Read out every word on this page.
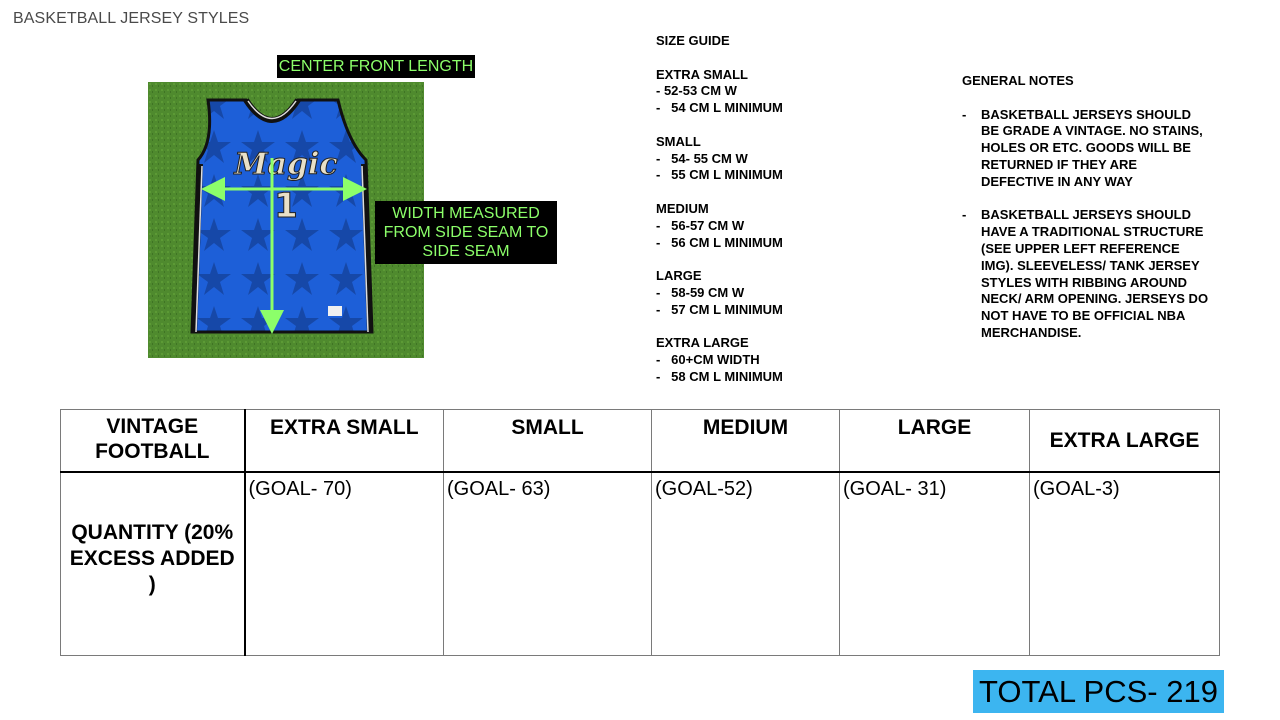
BASKETBALL JERSEY STYLES
Magic
1
CENTER FRONT LENGTH
WIDTH MEASURED FROM SIDE SEAM TO SIDE SEAM
SIZE GUIDE
EXTRA SMALL
- 52-53 CM W
-   54 CM L MINIMUM
SMALL
-   54- 55 CM W
-   55 CM L MINIMUM
MEDIUM
-   56-57 CM W
-   56 CM L MINIMUM
LARGE
-   58-59 CM W
-   57 CM L MINIMUM
EXTRA LARGE
-   60+CM WIDTH
-   58 CM L MINIMUM
GENERAL NOTES
- BASKETBALL JERSEYS SHOULD BE GRADE A VINTAGE. NO STAINS, HOLES OR ETC. GOODS WILL BE RETURNED IF THEY ARE DEFECTIVE IN ANY WAY
- BASKETBALL JERSEYS SHOULD HAVE A TRADITIONAL STRUCTURE (SEE UPPER LEFT REFERENCE IMG). SLEEVELESS/ TANK JERSEY STYLES WITH RIBBING AROUND NECK/ ARM OPENING. JERSEYS DO NOT HAVE TO BE OFFICIAL NBA MERCHANDISE.
VINTAGE FOOTBALL	EXTRA SMALL	SMALL	MEDIUM	LARGE	EXTRA LARGE
QUANTITY (20% EXCESS ADDED )	(GOAL- 70)	(GOAL- 63)	(GOAL-52)	(GOAL- 31)	(GOAL-3)
TOTAL PCS- 219
